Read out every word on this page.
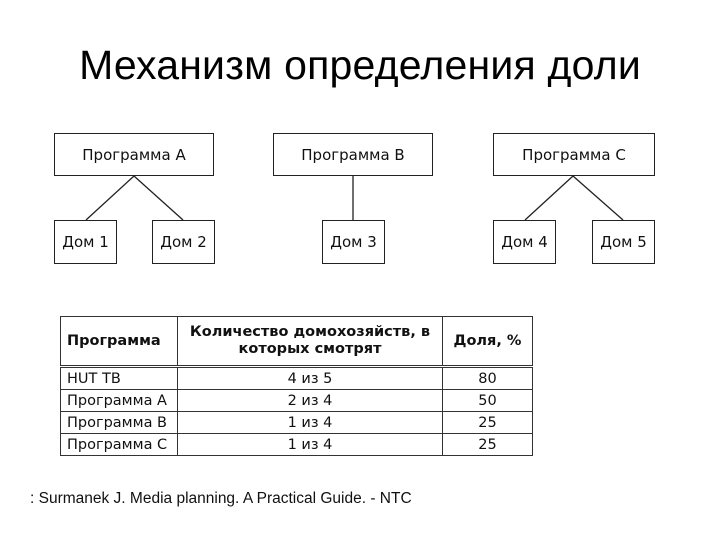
Механизм определения доли
Программа A	Программа B	Программа C
Дом 1	Дом 2	Дом 3	Дом 4	Дом 5
Программа	Количество домохозяйств, в которых смотрят	Доля, %
HUT ТВ	4 из 5	80
Программа A	2 из 4	50
Программа B	1 из 4	25
Программа C	1 из 4	25
: Surmanek J. Media planning. A Practical Guide. - NTC
